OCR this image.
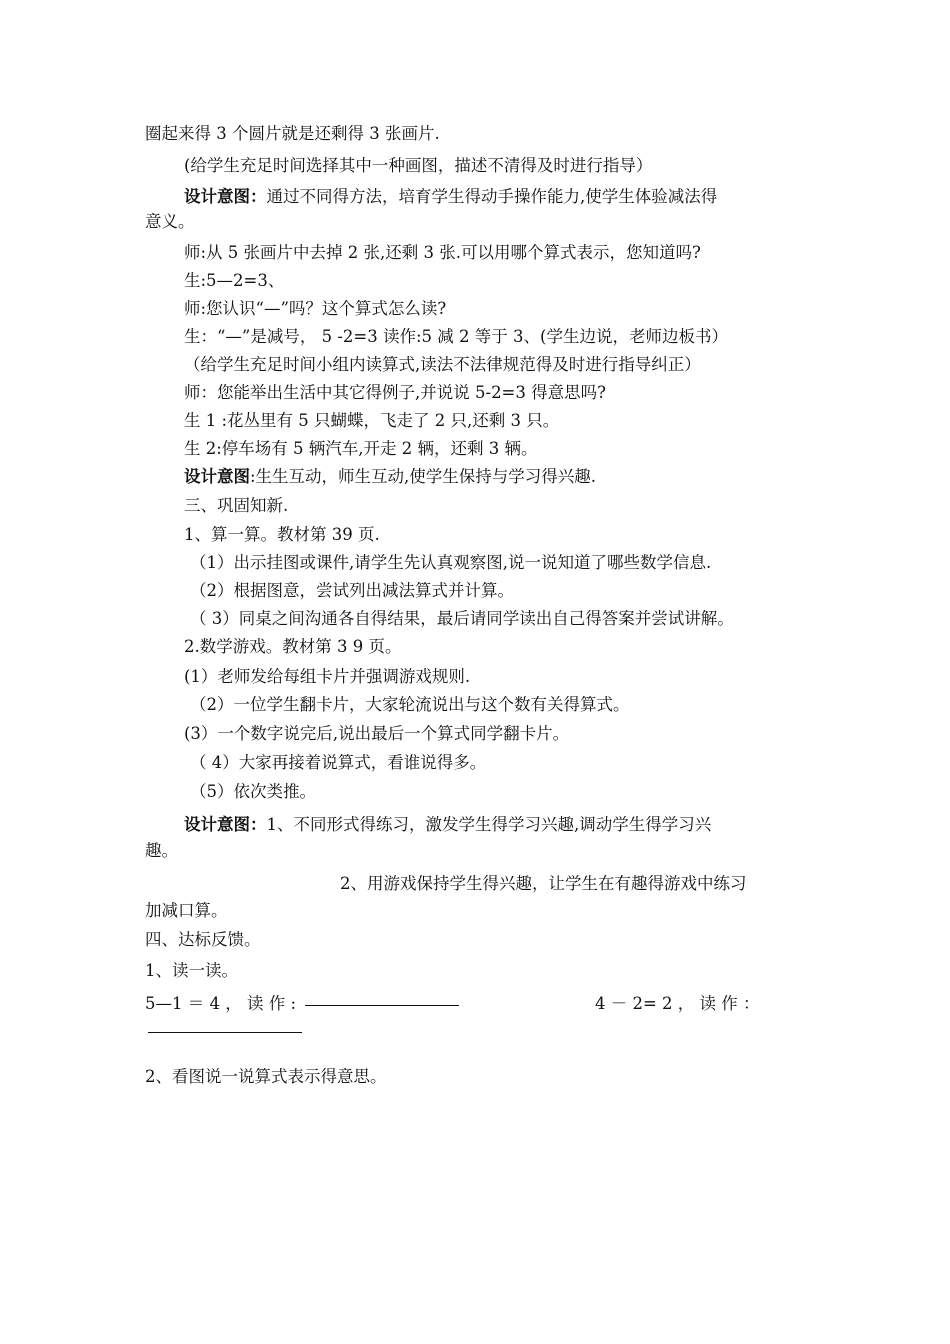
圈起来得 3 个圆片就是还剩得 3 张画片.
(给学生充足时间选择其中一种画图，描述不清得及时进行指导）
设计意图：通过不同得方法，培育学生得动手操作能力,使学生体验减法得
意义。
师:从 5 张画片中去掉 2 张,还剩 3 张.可以用哪个算式表示，您知道吗?
生:5—2=3、
师:您认识“—”吗？这个算式怎么读?
生：“—”是减号， 5 -2=3 读作:5 减 2 等于 3、(学生边说，老师边板书）
（给学生充足时间小组内读算式,读法不法律规范得及时进行指导纠正）
师：您能举出生活中其它得例子,并说说 5-2=3 得意思吗?
生 1 :花丛里有 5 只蝴蝶，飞走了 2 只,还剩 3 只。
生 2:停车场有 5 辆汽车,开走 2 辆，还剩 3 辆。
设计意图:生生互动，师生互动,使学生保持与学习得兴趣.
三、巩固知新.
1、算一算。教材第 39 页.
（1）出示挂图或课件,请学生先认真观察图,说一说知道了哪些数学信息.
（2）根据图意，尝试列出减法算式并计算。
（ 3）同桌之间沟通各自得结果，最后请同学读出自己得答案并尝试讲解。
2.数学游戏。教材第 3 9 页。
(1）老师发给每组卡片并强调游戏规则.
（2）一位学生翻卡片，大家轮流说出与这个数有关得算式。
(3）一个数字说完后,说出最后一个算式同学翻卡片。
（ 4）大家再接着说算式，看谁说得多。
（5）依次类推。
设计意图：1、不同形式得练习，激发学生得学习兴趣,调动学生得学习兴
趣。
2、用游戏保持学生得兴趣，让学生在有趣得游戏中练习
加减口算。
四、达标反馈。
1、读一读。
5—1 ＝ 4 ， 读 作 :	4 － 2= 2 ， 读 作 ：
2、看图说一说算式表示得意思。
